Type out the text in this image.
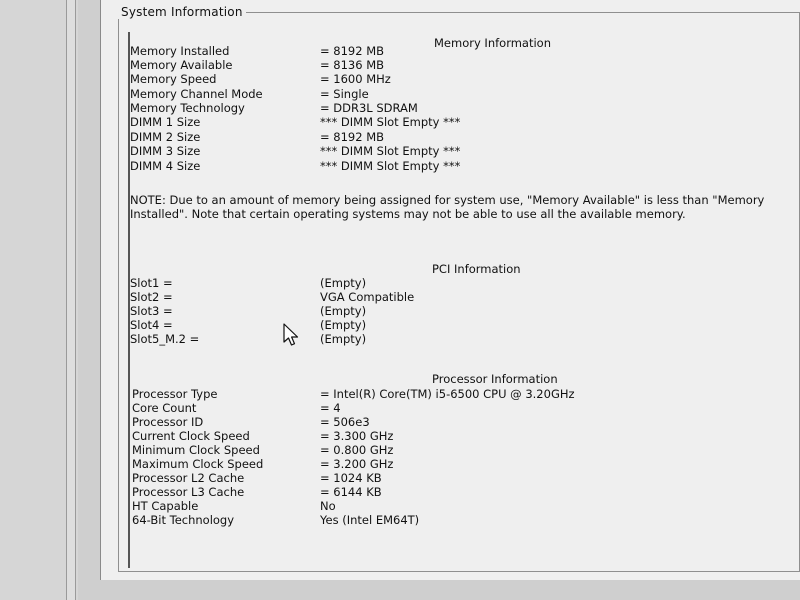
System Information
Memory Information
Memory Installed	= 8192 MB
Memory Available	= 8136 MB
Memory Speed	= 1600 MHz
Memory Channel Mode	= Single
Memory Technology	= DDR3L SDRAM
DIMM 1 Size	*** DIMM Slot Empty ***
DIMM 2 Size	= 8192 MB
DIMM 3 Size	*** DIMM Slot Empty ***
DIMM 4 Size	*** DIMM Slot Empty ***
NOTE: Due to an amount of memory being assigned for system use, "Memory Available" is less than "Memory Installed". Note that certain operating systems may not be able to use all the available memory.
PCI Information
Slot1 =	(Empty)
Slot2 =	VGA Compatible
Slot3 =	(Empty)
Slot4 =	(Empty)
Slot5_M.2 =	(Empty)
Processor Information
Processor Type	= Intel(R) Core(TM) i5-6500 CPU @ 3.20GHz
Core Count	= 4
Processor ID	= 506e3
Current Clock Speed	= 3.300 GHz
Minimum Clock Speed	= 0.800 GHz
Maximum Clock Speed	= 3.200 GHz
Processor L2 Cache	= 1024 KB
Processor L3 Cache	= 6144 KB
HT Capable	No
64-Bit Technology	Yes (Intel EM64T)
